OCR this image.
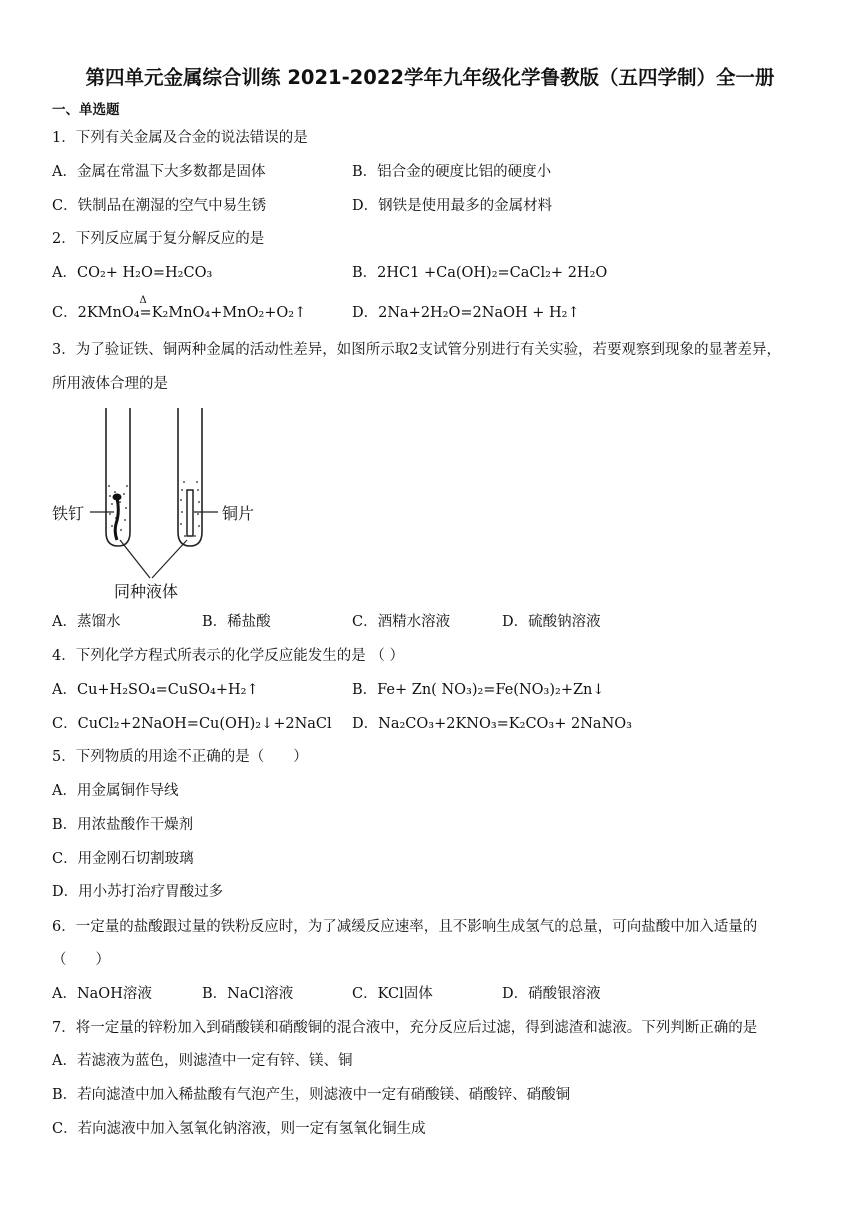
第四单元金属综合训练 2021-2022学年九年级化学鲁教版（五四学制）全一册
一、单选题
1．下列有关金属及合金的说法错误的是
A．金属在常温下大多数都是固体	B．铝合金的硬度比铝的硬度小
C．铁制品在潮湿的空气中易生锈	D．钢铁是使用最多的金属材料
2．下列反应属于复分解反应的是
A．CO₂+ H₂O=H₂CO₃	B．2HC1 +Ca(OH)₂=CaCl₂+ 2H₂O
C．2KMnO₄
Δ
=K₂MnO₄+MnO₂+O₂↑	D．2Na+2H₂O=2NaOH + H₂↑
3．为了验证铁、铜两种金属的活动性差异，如图所示取2支试管分别进行有关实验，若要观察到现象的显著差异，
所用液体合理的是
铁钉	铜片
同种液体
A．蒸馏水	B．稀盐酸	C．酒精水溶液	D．硫酸钠溶液
4．下列化学方程式所表示的化学反应能发生的是 （ ）
A．Cu+H₂SO₄=CuSO₄+H₂↑	B．Fe+ Zn( NO₃)₂=Fe(NO₃)₂+Zn↓
C．CuCl₂+2NaOH=Cu(OH)₂↓+2NaCl D．Na₂CO₃+2KNO₃=K₂CO₃+ 2NaNO₃
5．下列物质的用途不正确的是（　　）
A．用金属铜作导线
B．用浓盐酸作干燥剂
C．用金刚石切割玻璃
D．用小苏打治疗胃酸过多
6．一定量的盐酸跟过量的铁粉反应时，为了减缓反应速率，且不影响生成氢气的总量，可向盐酸中加入适量的
（　　）
A．NaOH溶液	B．NaCl溶液	C．KCl固体	D．硝酸银溶液
7．将一定量的锌粉加入到硝酸镁和硝酸铜的混合液中，充分反应后过滤，得到滤渣和滤液。下列判断正确的是
A．若滤液为蓝色，则滤渣中一定有锌、镁、铜
B．若向滤渣中加入稀盐酸有气泡产生，则滤液中一定有硝酸镁、硝酸锌、硝酸铜
C．若向滤液中加入氢氧化钠溶液，则一定有氢氧化铜生成
